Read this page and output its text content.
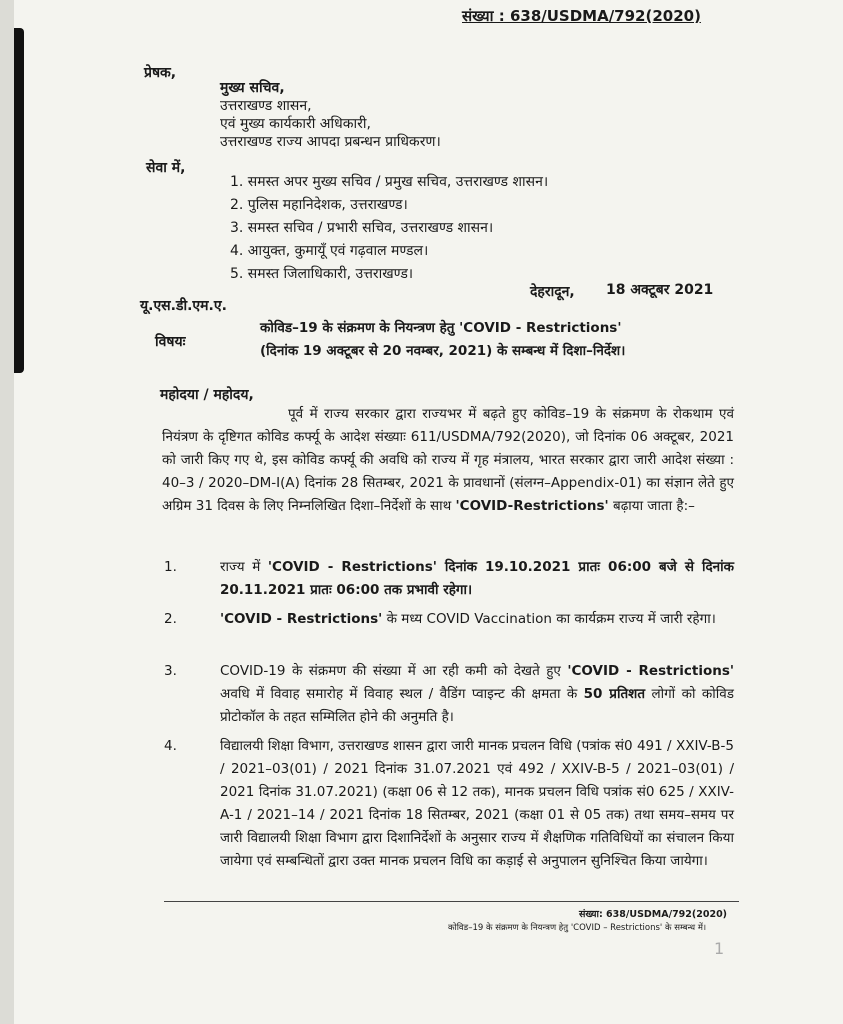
संख्या : 638/USDMA/792(2020)
प्रेषक,
मुख्य सचिव,
उत्तराखण्ड शासन,
एवं मुख्य कार्यकारी अधिकारी,
उत्तराखण्ड राज्य आपदा प्रबन्धन प्राधिकरण।
सेवा में,
1. समस्त अपर मुख्य सचिव / प्रमुख सचिव, उत्तराखण्ड शासन।
2. पुलिस महानिदेशक, उत्तराखण्ड।
3. समस्त सचिव / प्रभारी सचिव, उत्तराखण्ड शासन।
4. आयुक्त, कुमायूँ एवं गढ़वाल मण्डल।
5. समस्त जिलाधिकारी, उत्तराखण्ड।
यू.एस.डी.एम.ए.
देहरादून, 18 अक्टूबर 2021
विषयः
कोविड–19 के संक्रमण के नियन्त्रण हेतु 'COVID - Restrictions'
(दिनांक 19 अक्टूबर से 20 नवम्बर, 2021) के सम्बन्ध में दिशा–निर्देश।
महोदया / महोदय,
पूर्व में राज्य सरकार द्वारा राज्यभर में बढ़ते हुए कोविड–19 के संक्रमण के रोकथाम एवं नियंत्रण के दृष्टिगत कोविड कर्फ्यू के आदेश संख्याः 611/USDMA/792(2020), जो दिनांक 06 अक्टूबर, 2021 को जारी किए गए थे, इस कोविड कर्फ्यू की अवधि को राज्य में गृह मंत्रालय, भारत सरकार द्वारा जारी आदेश संख्या : 40–3 / 2020–DM-I(A) दिनांक 28 सितम्बर, 2021 के प्रावधानों (संलग्न–Appendix-01) का संज्ञान लेते हुए अग्रिम 31 दिवस के लिए निम्नलिखित दिशा–निर्देशों के साथ 'COVID-Restrictions' बढ़ाया जाता है:–
1.	राज्य में 'COVID - Restrictions' दिनांक 19.10.2021 प्रातः 06:00 बजे से दिनांक 20.11.2021 प्रातः 06:00 तक प्रभावी रहेगा।
2.	'COVID - Restrictions' के मध्य COVID Vaccination का कार्यक्रम राज्य में जारी रहेगा।
3.	COVID-19 के संक्रमण की संख्या में आ रही कमी को देखते हुए 'COVID - Restrictions' अवधि में विवाह समारोह में विवाह स्थल / वैडिंग प्वाइन्ट की क्षमता के 50 प्रतिशत लोगों को कोविड प्रोटोकॉल के तहत सम्मिलित होने की अनुमति है।
4.	विद्यालयी शिक्षा विभाग, उत्तराखण्ड शासन द्वारा जारी मानक प्रचलन विधि (पत्रांक सं0 491 / XXIV-B-5 / 2021–03(01) / 2021 दिनांक 31.07.2021 एवं 492 / XXIV-B-5 / 2021–03(01) / 2021 दिनांक 31.07.2021) (कक्षा 06 से 12 तक), मानक प्रचलन विधि पत्रांक सं0 625 / XXIV-A-1 / 2021–14 / 2021 दिनांक 18 सितम्बर, 2021 (कक्षा 01 से 05 तक) तथा समय–समय पर जारी विद्यालयी शिक्षा विभाग द्वारा दिशानिर्देशों के अनुसार राज्य में शैक्षणिक गतिविधियों का संचालन किया जायेगा एवं सम्बन्धितों द्वारा उक्त मानक प्रचलन विधि का कड़ाई से अनुपालन सुनिश्चित किया जायेगा।
संख्या: 638/USDMA/792(2020)
कोविड–19 के संक्रमण के नियन्त्रण हेतु 'COVID – Restrictions' के सम्बन्ध में।
1
